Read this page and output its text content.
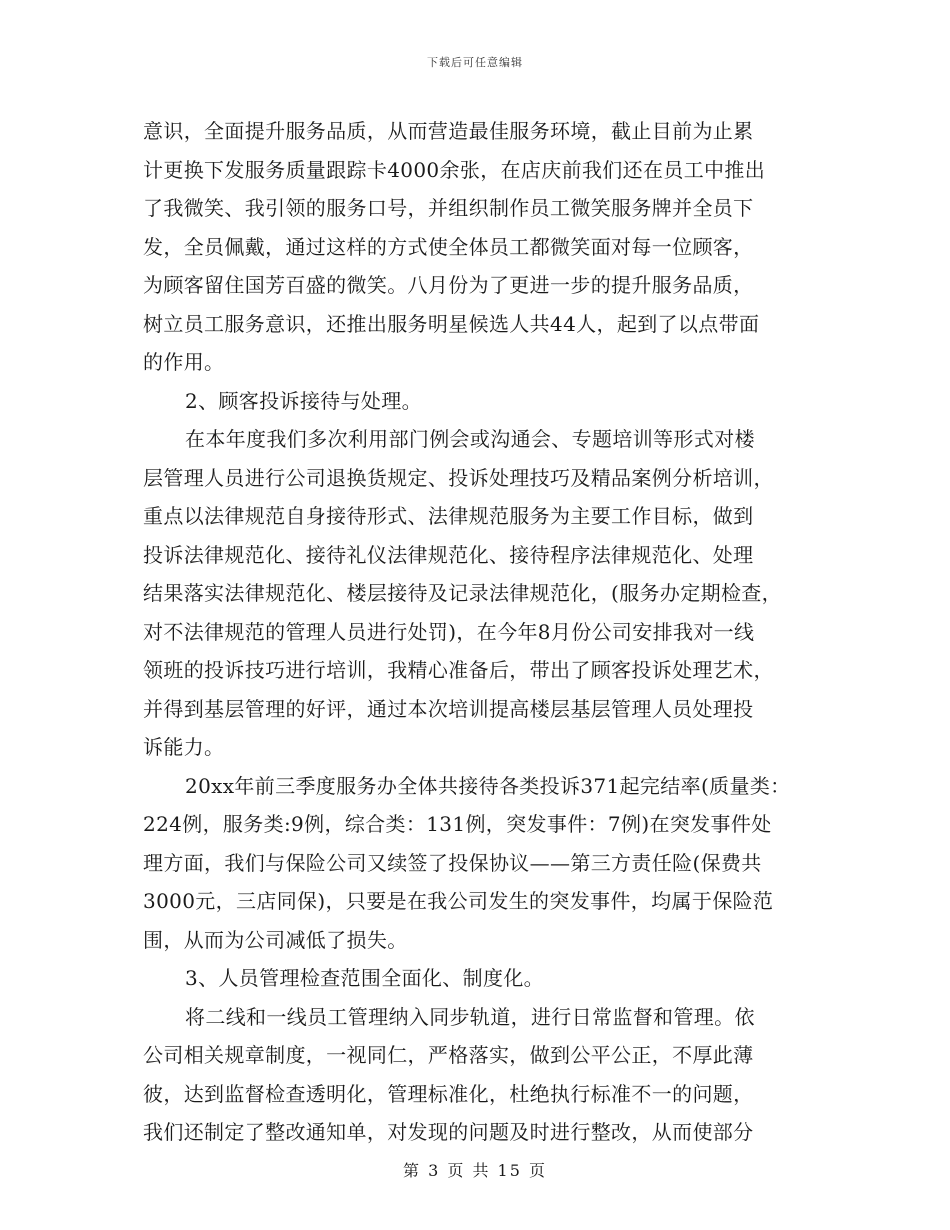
下载后可任意编辑
意识，全面提升服务品质，从而营造最佳服务环境，截止目前为止累
计更换下发服务质量跟踪卡4000余张，在店庆前我们还在员工中推出
了我微笑、我引领的服务口号，并组织制作员工微笑服务牌并全员下
发，全员佩戴，通过这样的方式使全体员工都微笑面对每一位顾客，
为顾客留住国芳百盛的微笑。八月份为了更进一步的提升服务品质，
树立员工服务意识，还推出服务明星候选人共44人，起到了以点带面
的作用。
2、顾客投诉接待与处理。
在本年度我们多次利用部门例会或沟通会、专题培训等形式对楼
层管理人员进行公司退换货规定、投诉处理技巧及精品案例分析培训，
重点以法律规范自身接待形式、法律规范服务为主要工作目标，做到
投诉法律规范化、接待礼仪法律规范化、接待程序法律规范化、处理
结果落实法律规范化、楼层接待及记录法律规范化，(服务办定期检查，
对不法律规范的管理人员进行处罚)，在今年8月份公司安排我对一线
领班的投诉技巧进行培训，我精心准备后，带出了顾客投诉处理艺术，
并得到基层管理的好评，通过本次培训提高楼层基层管理人员处理投
诉能力。
20xx年前三季度服务办全体共接待各类投诉371起完结率(质量类：
224例，服务类:9例，综合类：131例，突发事件：7例)在突发事件处
理方面，我们与保险公司又续签了投保协议——第三方责任险(保费共
3000元，三店同保)，只要是在我公司发生的突发事件，均属于保险范
围，从而为公司减低了损失。
3、人员管理检查范围全面化、制度化。
将二线和一线员工管理纳入同步轨道，进行日常监督和管理。依
公司相关规章制度，一视同仁，严格落实，做到公平公正，不厚此薄
彼，达到监督检查透明化，管理标准化，杜绝执行标准不一的问题，
我们还制定了整改通知单，对发现的问题及时进行整改，从而使部分
第 3 页 共 15 页
